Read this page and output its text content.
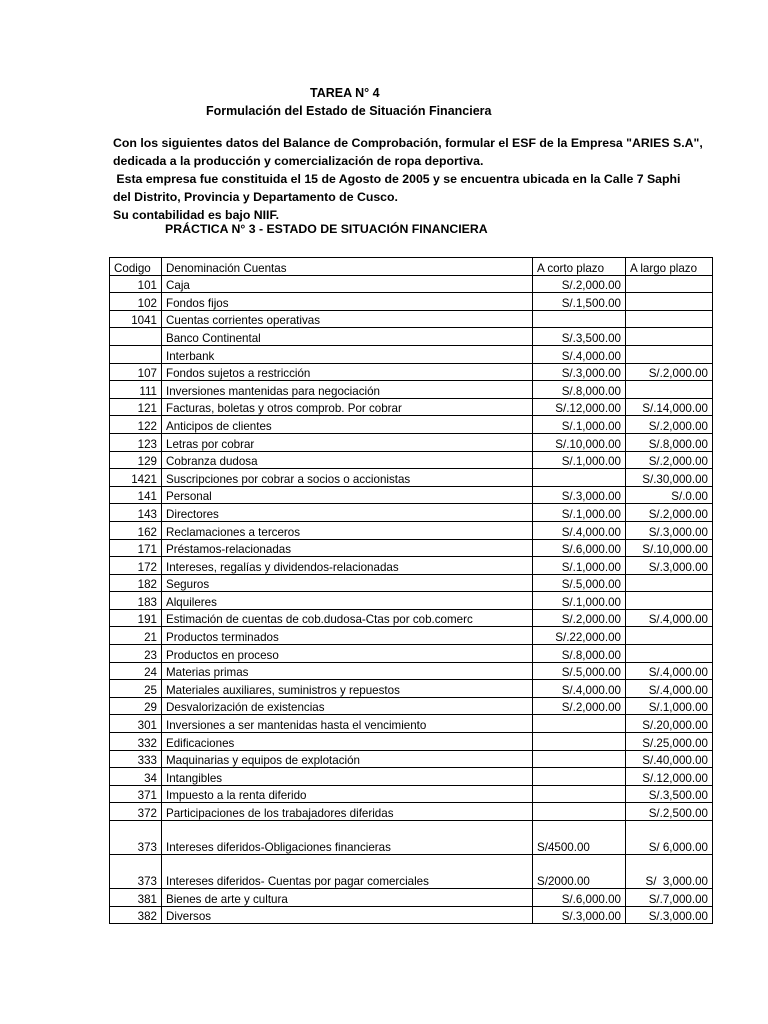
TAREA N° 4
Formulación del Estado de Situación Financiera
Con los siguientes datos del Balance de Comprobación, formular el ESF de la Empresa "ARIES S.A",
dedicada a la producción y comercialización de ropa deportiva.
Esta empresa fue constituida el 15 de Agosto de 2005 y se encuentra ubicada en la Calle 7 Saphi
del Distrito, Provincia y Departamento de Cusco.
Su contabilidad es bajo NIIF.
PRÁCTICA N° 3 - ESTADO DE SITUACIÓN FINANCIERA
Codigo	Denominación Cuentas	A corto plazo	A largo plazo
101	Caja	S/.2,000.00	
102	Fondos fijos	S/.1,500.00	
1041	Cuentas corrientes operativas		
	Banco Continental	S/.3,500.00	
	Interbank	S/.4,000.00	
107	Fondos sujetos a restricción	S/.3,000.00	S/.2,000.00
111	Inversiones mantenidas para negociación	S/.8,000.00	
121	Facturas, boletas y otros comprob. Por cobrar	S/.12,000.00	S/.14,000.00
122	Anticipos de clientes	S/.1,000.00	S/.2,000.00
123	Letras por cobrar	S/.10,000.00	S/.8,000.00
129	Cobranza dudosa	S/.1,000.00	S/.2,000.00
1421	Suscripciones por cobrar a socios o accionistas		S/.30,000.00
141	Personal	S/.3,000.00	S/.0.00
143	Directores	S/.1,000.00	S/.2,000.00
162	Reclamaciones a terceros	S/.4,000.00	S/.3,000.00
171	Préstamos-relacionadas	S/.6,000.00	S/.10,000.00
172	Intereses, regalías y dividendos-relacionadas	S/.1,000.00	S/.3,000.00
182	Seguros	S/.5,000.00	
183	Alquileres	S/.1,000.00	
191	Estimación de cuentas de cob.dudosa-Ctas por cob.comerc	S/.2,000.00	S/.4,000.00
21	Productos terminados	S/.22,000.00	
23	Productos en proceso	S/.8,000.00	
24	Materias primas	S/.5,000.00	S/.4,000.00
25	Materiales auxiliares, suministros y repuestos	S/.4,000.00	S/.4,000.00
29	Desvalorización de existencias	S/.2,000.00	S/.1,000.00
301	Inversiones a ser mantenidas hasta el vencimiento		S/.20,000.00
332	Edificaciones		S/.25,000.00
333	Maquinarias y equipos de explotación		S/.40,000.00
34	Intangibles		S/.12,000.00
371	Impuesto a la renta diferido		S/.3,500.00
372	Participaciones de los trabajadores diferidas		S/.2,500.00
373	Intereses diferidos-Obligaciones financieras	S/4500.00	S/ 6,000.00
373	Intereses diferidos- Cuentas por pagar comerciales	S/2000.00	S/  3,000.00
381	Bienes de arte y cultura	S/.6,000.00	S/.7,000.00
382	Diversos	S/.3,000.00	S/.3,000.00
